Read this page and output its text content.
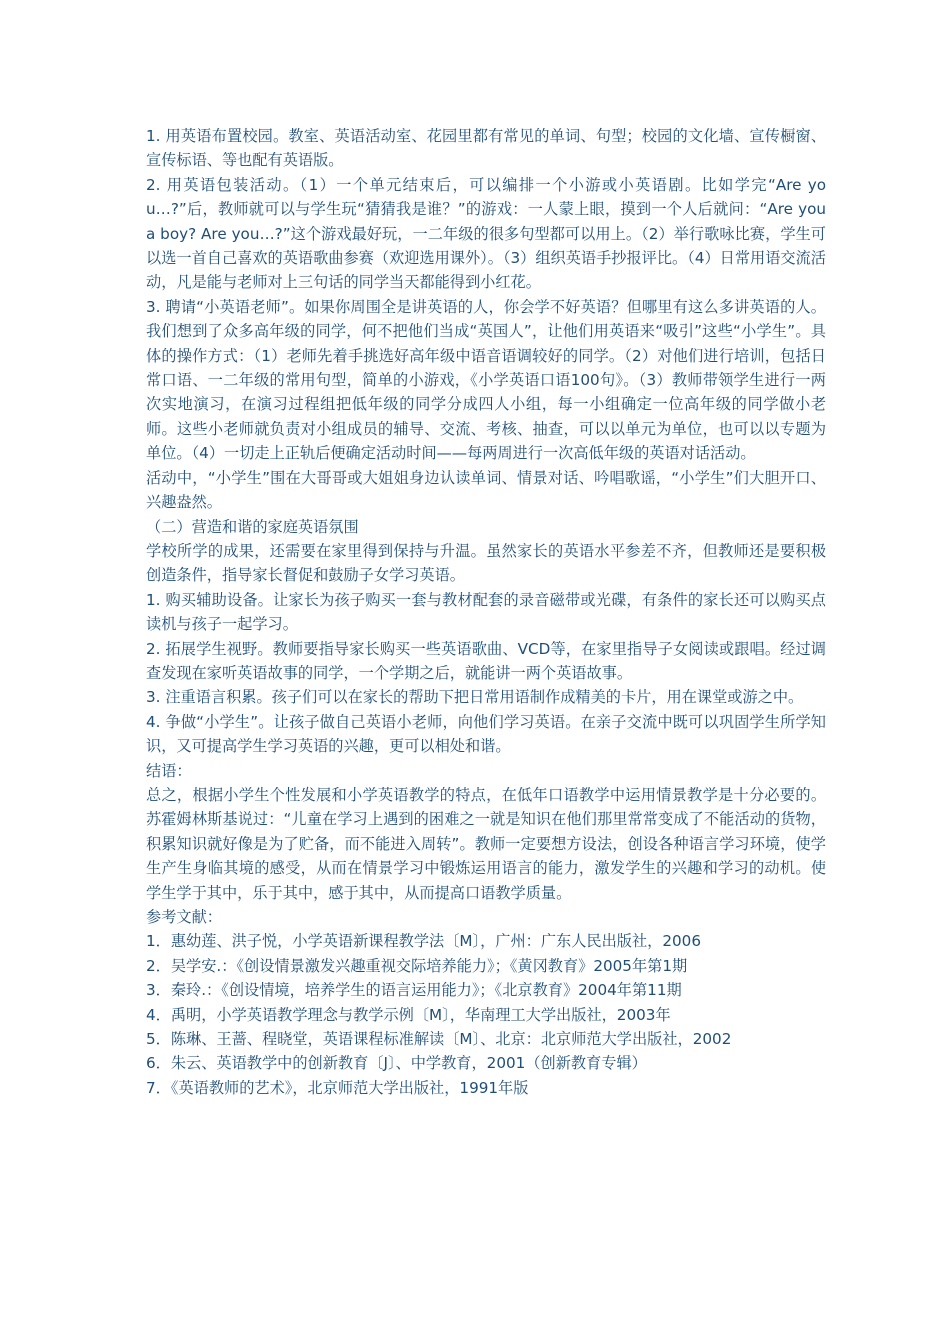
1. 用英语布置校园。教室、英语活动室、花园里都有常见的单词、句型；校园的文化墙、宣传橱窗、宣传标语、等也配有英语版。

2. 用英语包装活动。（1）一个单元结束后，可以编排一个小游或小英语剧。比如学完“Are you…?”后，教师就可以与学生玩“猜猜我是谁？”的游戏：一人蒙上眼，摸到一个人后就问：“Are you a boy? Are you…?”这个游戏最好玩，一二年级的很多句型都可以用上。（2）举行歌咏比赛，学生可以选一首自己喜欢的英语歌曲参赛（欢迎选用课外）。（3）组织英语手抄报评比。（4）日常用语交流活动，凡是能与老师对上三句话的同学当天都能得到小红花。

3. 聘请“小英语老师”。如果你周围全是讲英语的人，你会学不好英语？但哪里有这么多讲英语的人。我们想到了众多高年级的同学，何不把他们当成“英国人”，让他们用英语来“吸引”这些“小学生”。具体的操作方式：（1）老师先着手挑选好高年级中语音语调较好的同学。（2）对他们进行培训，包括日常口语、一二年级的常用句型，简单的小游戏，《小学英语口语100句》。（3）教师带领学生进行一两次实地演习，在演习过程组把低年级的同学分成四人小组，每一小组确定一位高年级的同学做小老师。这些小老师就负责对小组成员的辅导、交流、考核、抽查，可以以单元为单位，也可以以专题为单位。（4）一切走上正轨后便确定活动时间——每两周进行一次高低年级的英语对话活动。

活动中，“小学生”围在大哥哥或大姐姐身边认读单词、情景对话、吟唱歌谣，“小学生”们大胆开口、兴趣盎然。

（二）营造和谐的家庭英语氛围

学校所学的成果，还需要在家里得到保持与升温。虽然家长的英语水平参差不齐，但教师还是要积极创造条件，指导家长督促和鼓励子女学习英语。

1. 购买辅助设备。让家长为孩子购买一套与教材配套的录音磁带或光碟，有条件的家长还可以购买点读机与孩子一起学习。

2. 拓展学生视野。教师要指导家长购买一些英语歌曲、VCD等，在家里指导子女阅读或跟唱。经过调查发现在家听英语故事的同学，一个学期之后，就能讲一两个英语故事。

3. 注重语言积累。孩子们可以在家长的帮助下把日常用语制作成精美的卡片，用在课堂或游之中。

4. 争做“小学生”。让孩子做自己英语小老师，向他们学习英语。在亲子交流中既可以巩固学生所学知识，又可提高学生学习英语的兴趣，更可以相处和谐。

结语：

总之，根据小学生个性发展和小学英语教学的特点，在低年口语教学中运用情景教学是十分必要的。苏霍姆林斯基说过：“儿童在学习上遇到的困难之一就是知识在他们那里常常变成了不能活动的货物，积累知识就好像是为了贮备，而不能进入周转”。教师一定要想方设法，创设各种语言学习环境，使学生产生身临其境的感受，从而在情景学习中锻炼运用语言的能力，激发学生的兴趣和学习的动机。使学生学于其中，乐于其中，感于其中，从而提高口语教学质量。

参考文献：

1．惠幼莲、洪子悦，小学英语新课程教学法〔M〕，广州：广东人民出版社，2006

2．吴学安.：《创设情景激发兴趣重视交际培养能力》；《黄冈教育》2005年第1期

3．秦玲.：《创设情境，培养学生的语言运用能力》；《北京教育》2004年第11期

4．禹明，小学英语教学理念与教学示例〔M〕，华南理工大学出版社，2003年

5．陈琳、王蔷、程晓堂，英语课程标准解读〔M〕、北京：北京师范大学出版社，2002

6．朱云、英语教学中的创新教育〔J〕、中学教育，2001（创新教育专辑）

7．《英语教师的艺术》，北京师范大学出版社，1991年版
